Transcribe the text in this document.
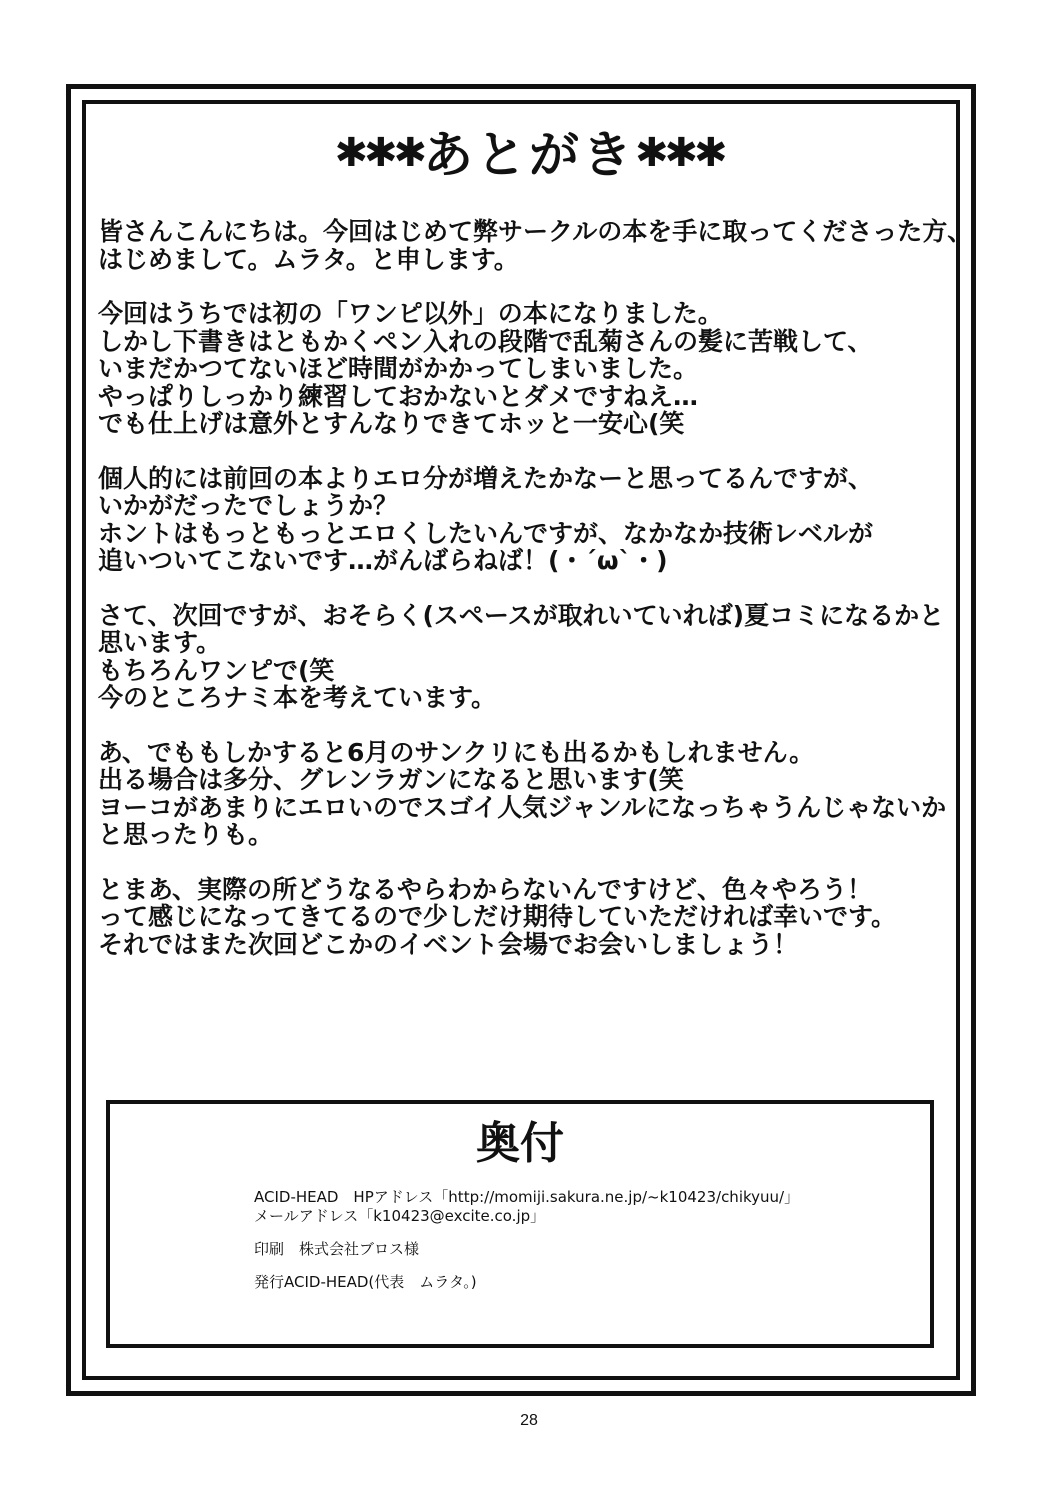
✱✱✱あとがき✱✱✱
皆さんこんにちは。今回はじめて弊サークルの本を手に取ってくださった方、
はじめまして。ムラタ。と申します。
今回はうちでは初の「ワンピ以外」の本になりました。
しかし下書きはともかくペン入れの段階で乱菊さんの髪に苦戦して、
いまだかつてないほど時間がかかってしまいました。
やっぱりしっかり練習しておかないとダメですねえ…
でも仕上げは意外とすんなりできてホッと一安心(笑
個人的には前回の本よりエロ分が増えたかなーと思ってるんですが、
いかがだったでしょうか？
ホントはもっともっとエロくしたいんですが、なかなか技術レベルが
追いついてこないです…がんばらねば！(・´ω`・)
さて、次回ですが、おそらく(スペースが取れいていれば)夏コミになるかと
思います。
もちろんワンピで(笑
今のところナミ本を考えています。
あ、でももしかすると6月のサンクリにも出るかもしれません。
出る場合は多分、グレンラガンになると思います(笑
ヨーコがあまりにエロいのでスゴイ人気ジャンルになっちゃうんじゃないか
と思ったりも。
とまあ、実際の所どうなるやらわからないんですけど、色々やろう！
って感じになってきてるので少しだけ期待していただければ幸いです。
それではまた次回どこかのイベント会場でお会いしましょう！
奥付
ACID-HEAD　HPアドレス「http://momiji.sakura.ne.jp/~k10423/chikyuu/」
メールアドレス「k10423@excite.co.jp」
印刷　株式会社ブロス様
発行ACID-HEAD(代表　ムラタ。)
28
